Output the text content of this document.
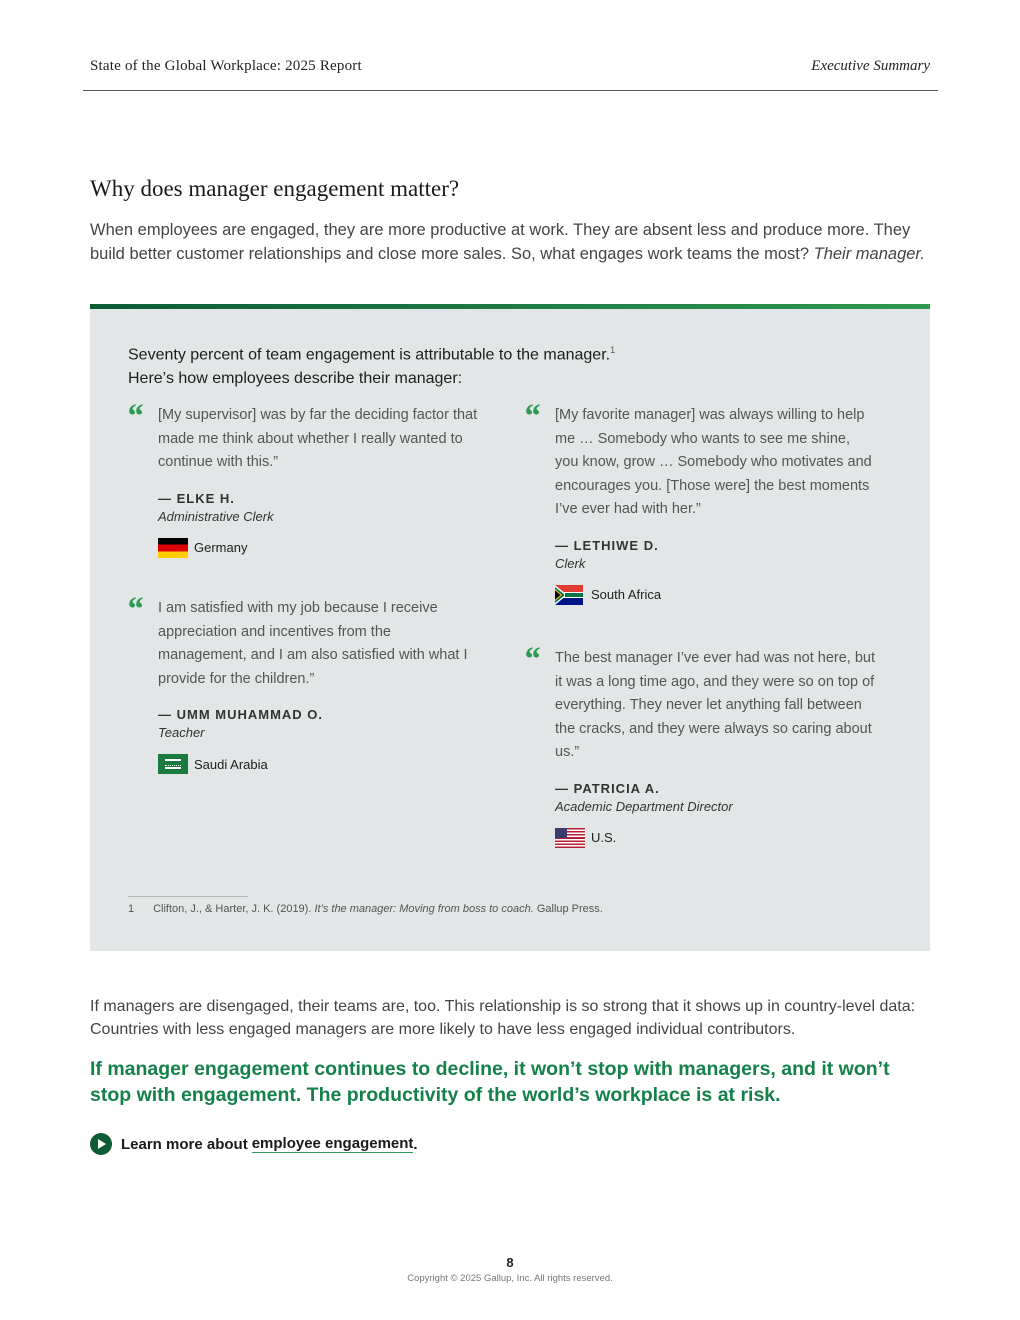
State of the Global Workplace: 2025 Report	Executive Summary
Why does manager engagement matter?
When employees are engaged, they are more productive at work. They are absent less and produce more. They build better customer relationships and close more sales. So, what engages work teams the most? Their manager.
Seventy percent of team engagement is attributable to the manager.$^1$
Here’s how employees describe their manager:
“ [My supervisor] was by far the deciding factor that made me think about whether I really wanted to continue with this.”
— ELKE H.
Administrative Clerk
Germany
“ [My favorite manager] was always willing to help me … Somebody who wants to see me shine, you know, grow … Somebody who motivates and encourages you. [Those were] the best moments I’ve ever had with her.”
— LETHIWE D.
Clerk
South Africa
“ I am satisfied with my job because I receive appreciation and incentives from the management, and I am also satisfied with what I provide for the children.”
— UMM MUHAMMAD O.
Teacher
Saudi Arabia
“ The best manager I’ve ever had was not here, but it was a long time ago, and they were so on top of everything. They never let anything fall between the cracks, and they were always so caring about us.”
— PATRICIA A.
Academic Department Director
U.S.
1 Clifton, J., & Harter, J. K. (2019). It’s the manager: Moving from boss to coach. Gallup Press.
If managers are disengaged, their teams are, too. This relationship is so strong that it shows up in country-level data: Countries with less engaged managers are more likely to have less engaged individual contributors.
If manager engagement continues to decline, it won’t stop with managers, and it won’t stop with engagement. The productivity of the world’s workplace is at risk.
Learn more about employee engagement .
8
Copyright © 2025 Gallup, Inc. All rights reserved.
